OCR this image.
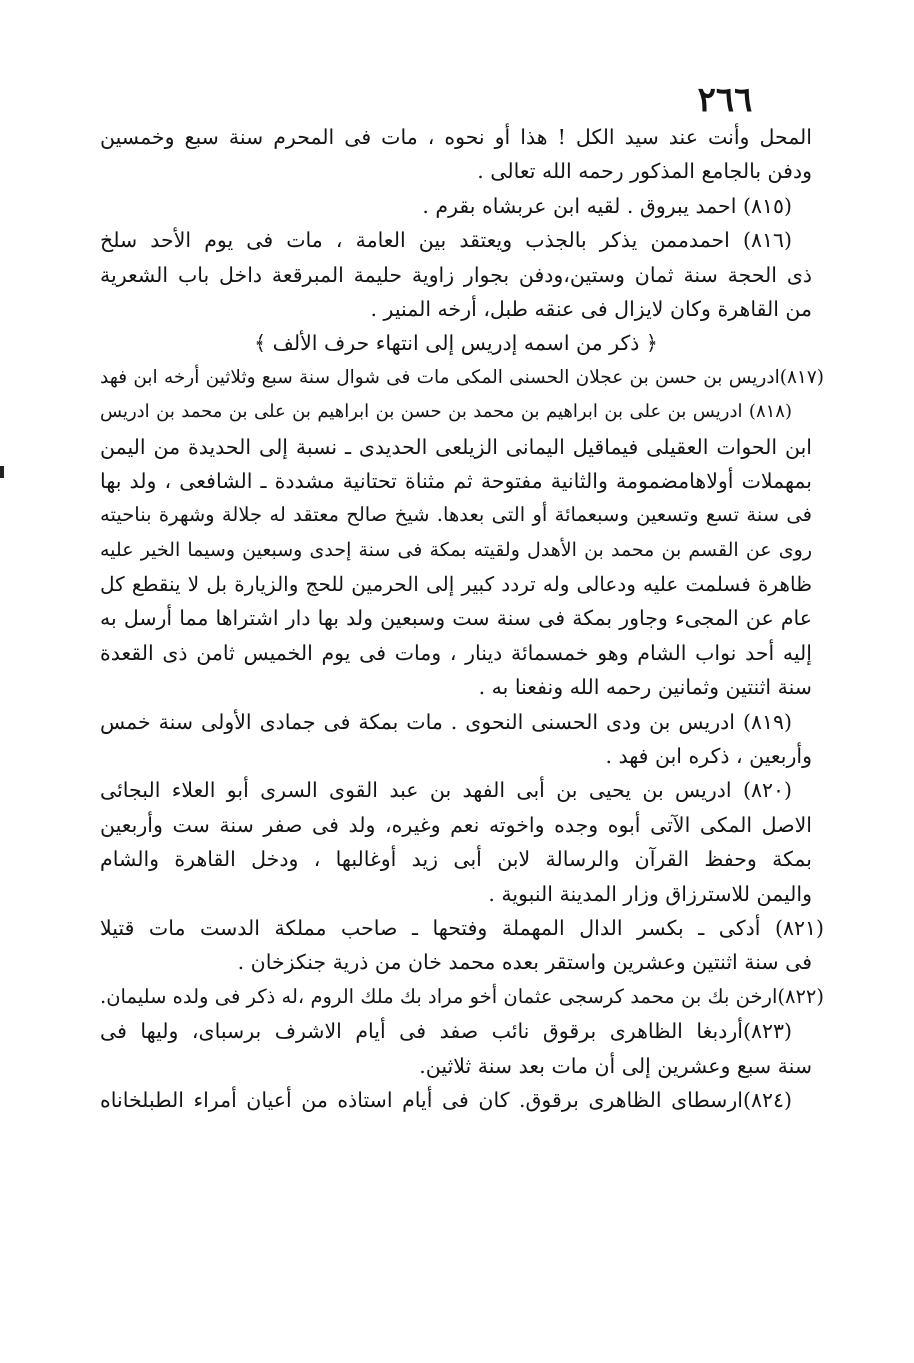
٢٦٦
المحل وأنت عند سيد الكل ! هذا أو نحوه ، مات فى المحرم سنة سبع وخمسين
ودفن بالجامع المذكور رحمه الله تعالى .
(٨١٥) احمد يبروق . لقيه ابن عربشاه بقرم .
(٨١٦) احمدممن يذكر بالجذب ويعتقد بين العامة ، مات فى يوم الأحد سلخ
ذى الحجة سنة ثمان وستين،ودفن بجوار زاوية حليمة المبرقعة داخل باب الشعرية
من القاهرة وكان لايزال فى عنقه طبل، أرخه المنير .
﴿ ذكر من اسمه إدريس إلى انتهاء حرف الألف ﴾
(٨١٧)ادريس بن حسن بن عجلان الحسنى المكى مات فى شوال سنة سبع وثلاثين أرخه ابن فهد
(٨١٨) ادريس بن على بن ابراهيم بن محمد بن حسن بن ابراهيم بن على بن محمد بن ادريس
ابن الحوات العقيلى فيماقيل اليمانى الزيلعى الحديدى ـ نسبة إلى الحديدة من اليمن
بمهملات أولاهامضمومة والثانية مفتوحة ثم مثناة تحتانية مشددة ـ الشافعى ، ولد بها
فى سنة تسع وتسعين وسبعمائة أو التى بعدها. شيخ صالح معتقد له جلالة وشهرة بناحيته
روى عن القسم بن محمد بن الأهدل ولقيته بمكة فى سنة إحدى وسبعين وسيما الخير عليه
ظاهرة فسلمت عليه ودعالى وله تردد كبير إلى الحرمين للحج والزيارة بل لا ينقطع كل
عام عن المجىء وجاور بمكة فى سنة ست وسبعين ولد بها دار اشتراها مما أرسل به
إليه أحد نواب الشام وهو خمسمائة دينار ، ومات فى يوم الخميس ثامن ذى القعدة
سنة اثنتين وثمانين رحمه الله ونفعنا به .
(٨١٩) ادريس بن ودى الحسنى النحوى . مات بمكة فى جمادى الأولى سنة خمس
وأربعين ، ذكره ابن فهد .
(٨٢٠) ادريس بن يحيى بن أبى الفهد بن عبد القوى السرى أبو العلاء البجائى
الاصل المكى الآتى أبوه وجده واخوته نعم وغيره، ولد فى صفر سنة ست وأربعين
بمكة وحفظ القرآن والرسالة لابن أبى زيد أوغالبها ، ودخل القاهرة والشام
واليمن للاسترزاق وزار المدينة النبوية .
(٨٢١) أدكى ـ بكسر الدال المهملة وفتحها ـ صاحب مملكة الدست مات قتيلا
فى سنة اثنتين وعشرين واستقر بعده محمد خان من ذرية جنكزخان .
(٨٢٢)ارخن بك بن محمد كرسجى عثمان أخو مراد بك ملك الروم ،له ذكر فى ولده سليمان.
(٨٢٣)أردبغا الظاهرى برقوق نائب صفد فى أيام الاشرف برسباى، وليها فى
سنة سبع وعشرين إلى أن مات بعد سنة ثلاثين.
(٨٢٤)ارسطاى الظاهرى برقوق. كان فى أيام استاذه من أعيان أمراء الطبلخاناه
